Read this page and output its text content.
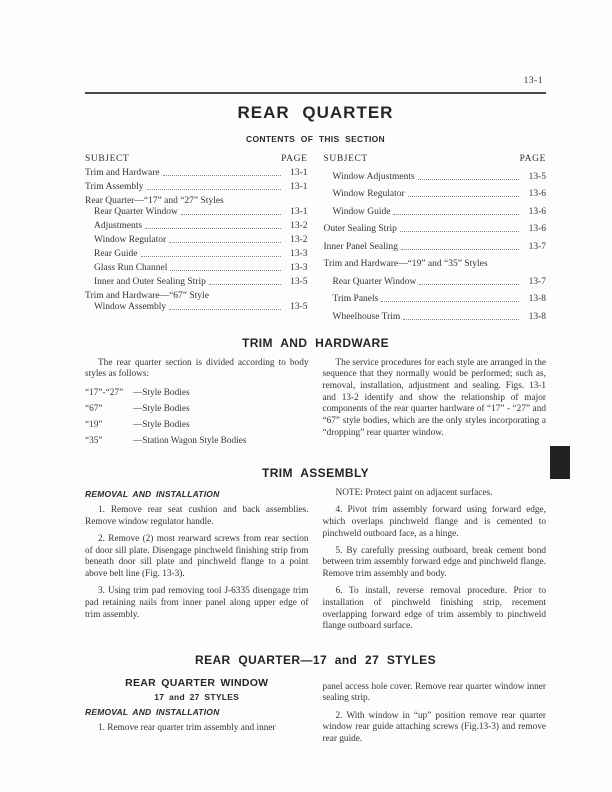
13-1
REAR QUARTER
CONTENTS OF THIS SECTION
SUBJECT	PAGE
Trim and Hardware	13-1
Trim Assembly	13-1
Rear Quarter—“17” and “27” Styles
Rear Quarter Window	13-1
Adjustments	13-2
Window Regulator	13-2
Rear Guide	13-3
Glass Run Channel	13-3
Inner and Outer Sealing Strip	13-5
Trim and Hardware—“67” Style
Window Assembly	13-5
SUBJECT	PAGE
Window Adjustments	13-5
Window Regulator	13-6
Window Guide	13-6
Outer Sealing Strip	13-6
Inner Panel Sealing	13-7
Trim and Hardware—“19” and “35” Styles
Rear Quarter Window	13-7
Trim Panels	13-8
Wheelhouse Trim	13-8
TRIM AND HARDWARE

The rear quarter section is divided according to body styles as follows:

“17”-“27”	—Style Bodies
“67”	—Style Bodies
“19”	—Style Bodies
“35”	—Station Wagon Style Bodies

The service procedures for each style are arranged in the sequence that they normally would be performed; such as, removal, installation, adjustment and sealing. Figs. 13-1 and 13-2 identify and show the relationship of major components of the rear quarter hardware of “17” - “27” and “67” style bodies, which are the only styles incorporating a “dropping” rear quarter window.

TRIM ASSEMBLY
REMOVAL AND INSTALLATION

1. Remove rear seat cushion and back assemblies. Remove window regulator handle.

2. Remove (2) most rearward screws from rear section of door sill plate. Disengage pinchweld finishing strip from beneath door sill plate and pinchweld flange to a point above belt line (Fig. 13-3).

3. Using trim pad removing tool J-6335 disengage trim pad retaining nails from inner panel along upper edge of trim assembly.

NOTE: Protect paint on adjacent surfaces.

4. Pivot trim assembly forward using forward edge, which overlaps pinchweld flange and is cemented to pinchweld outboard face, as a hinge.

5. By carefully pressing outboard, break cement bond between trim assembly forward edge and pinchweld flange. Remove trim assembly and body.

6. To install, reverse removal procedure. Prior to installation of pinchweld finishing strip, recement overlapping forward edge of trim assembly to pinchweld flange outboard surface.

REAR QUARTER—17 and 27 STYLES
REAR QUARTER WINDOW
17 and 27 STYLES
REMOVAL AND INSTALLATION

1. Remove rear quarter trim assembly and inner

panel access hole cover. Remove rear quarter window inner sealing strip.

2. With window in “up” position remove rear quarter window rear guide attaching screws (Fig.13-3) and remove rear guide.
